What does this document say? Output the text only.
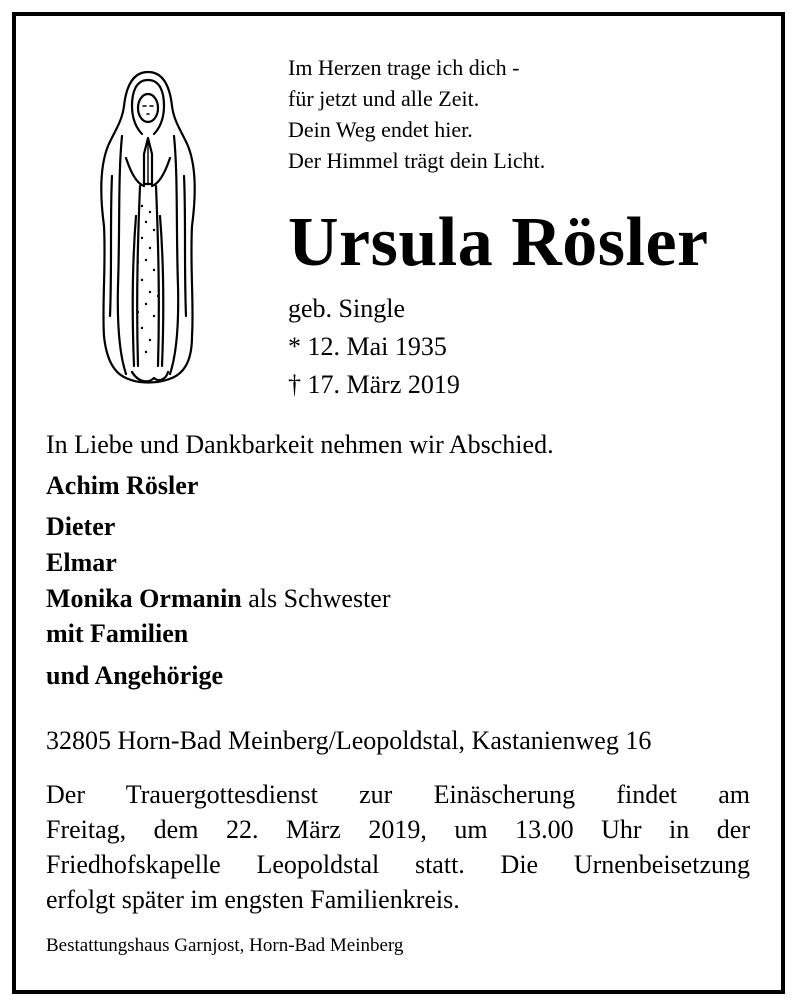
Im Herzen trage ich dich -
für jetzt und alle Zeit.
Dein Weg endet hier.
Der Himmel trägt dein Licht.
Ursula Rösler
geb. Single
* 12. Mai 1935
† 17. März 2019
In Liebe und Dankbarkeit nehmen wir Abschied.
Achim Rösler
Dieter
Elmar
Monika Ormanin als Schwester
mit Familien
und Angehörige
32805 Horn-Bad Meinberg/Leopoldstal, Kastanienweg 16
Der Trauergottesdienst zur Einäscherung findet am
Freitag, dem 22. März 2019, um 13.00 Uhr in der
Friedhofskapelle Leopoldstal statt. Die Urnenbeisetzung
erfolgt später im engsten Familienkreis.
Bestattungshaus Garnjost, Horn-Bad Meinberg
